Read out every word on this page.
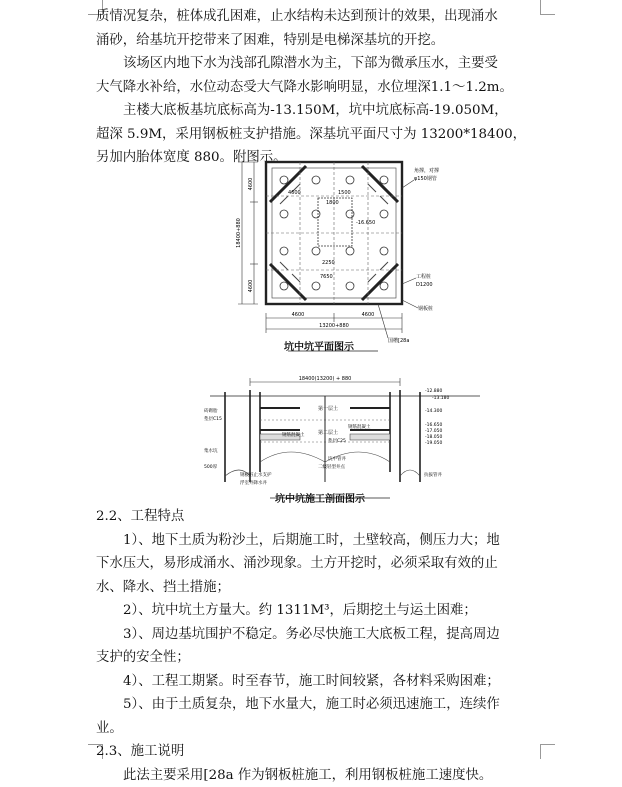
质情况复杂，桩体成孔困难，止水结构未达到预计的效果，出现涌水

涌砂，给基坑开挖带来了困难，特别是电梯深基坑的开挖。

该场区内地下水为浅部孔隙潜水为主，下部为微承压水，主要受

大气降水补给，水位动态受大气降水影响明显，水位埋深1.1～1.2m。

主楼大底板基坑底标高为-13.150M，坑中坑底标高-19.050M，

超深 5.9M，采用钢板桩支护措施。深基坑平面尺寸为 13200*18400，

另加内胎体宽度 880。附图示。

4600	4600
13200+880
4600
4600
18400+880
4600	1500
2250
7650
1800
-16.650
角撑，对撑
φ150钢管
工程桩
D1200
钢板桩
国槽[28a
坑中坑平面图示
18400(13200) + 880
第一层土
第二层土
砖砌胎
垫层C15
集水坑
500厚
钢板桩止水支护
浮室外降水井
二级轻型井点
钢筋混凝土
垫层C25
钢筋混凝土
坑中管井
-12.880
-13.180
-14.300
-16.650
-17.050
-18.050
-19.050
抗拔管井
坑中坑施工剖面图示

2.2、工程特点

1）、地下土质为粉沙土，后期施工时，土壁较高，侧压力大；地

下水压大，易形成涌水、涌沙现象。土方开挖时，必须采取有效的止

水、降水、挡土措施；

2）、坑中坑土方量大。约 1311M³，后期挖土与运土困难；

3）、周边基坑围护不稳定。务必尽快施工大底板工程，提高周边

支护的安全性；

4）、工程工期紧。时至春节，施工时间较紧，各材料采购困难；

5）、由于土质复杂，地下水量大，施工时必须迅速施工，连续作

业。

2.3、施工说明

此法主要采用[28a 作为钢板桩施工，利用钢板桩施工速度快。
